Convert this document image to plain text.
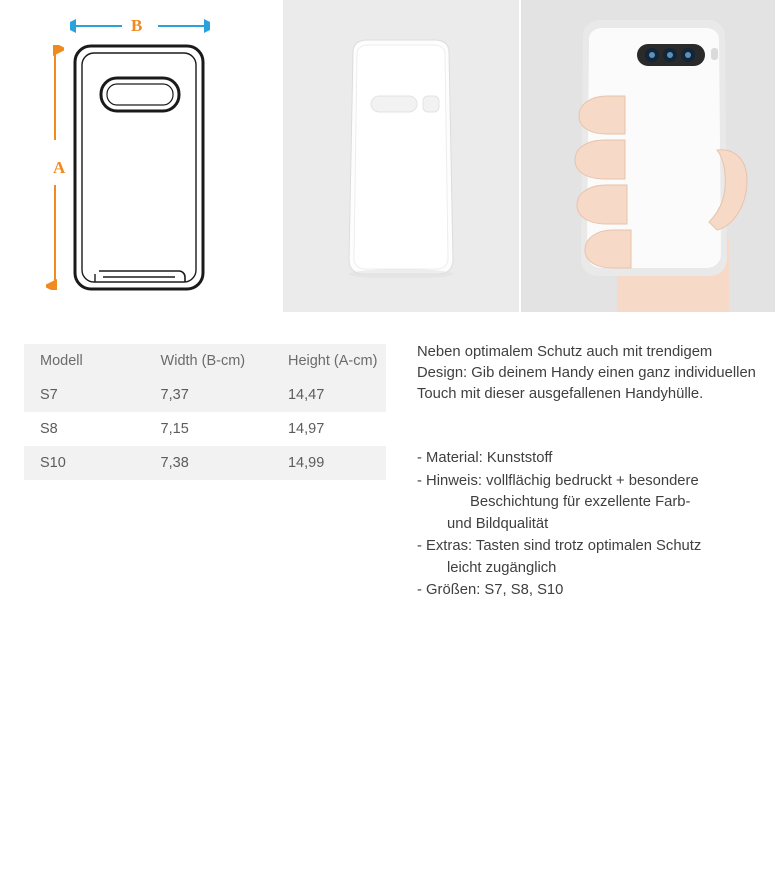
B
A
Modell	Width (B-cm)	Height (A-cm)
S7	7,37	14,47
S8	7,15	14,97
S10	7,38	14,99

Neben optimalem Schutz auch mit trendigem Design: Gib deinem Handy einen ganz individuellen Touch mit dieser ausgefallenen Handyhülle.

- Material: Kunststoff
- Hinweis: vollflächig bedruckt + besondere
Beschichtung für exzellente Farb-
und Bildqualität
- Extras: Tasten sind trotz optimalen Schutz
leicht zugänglich
- Größen: S7, S8, S10
